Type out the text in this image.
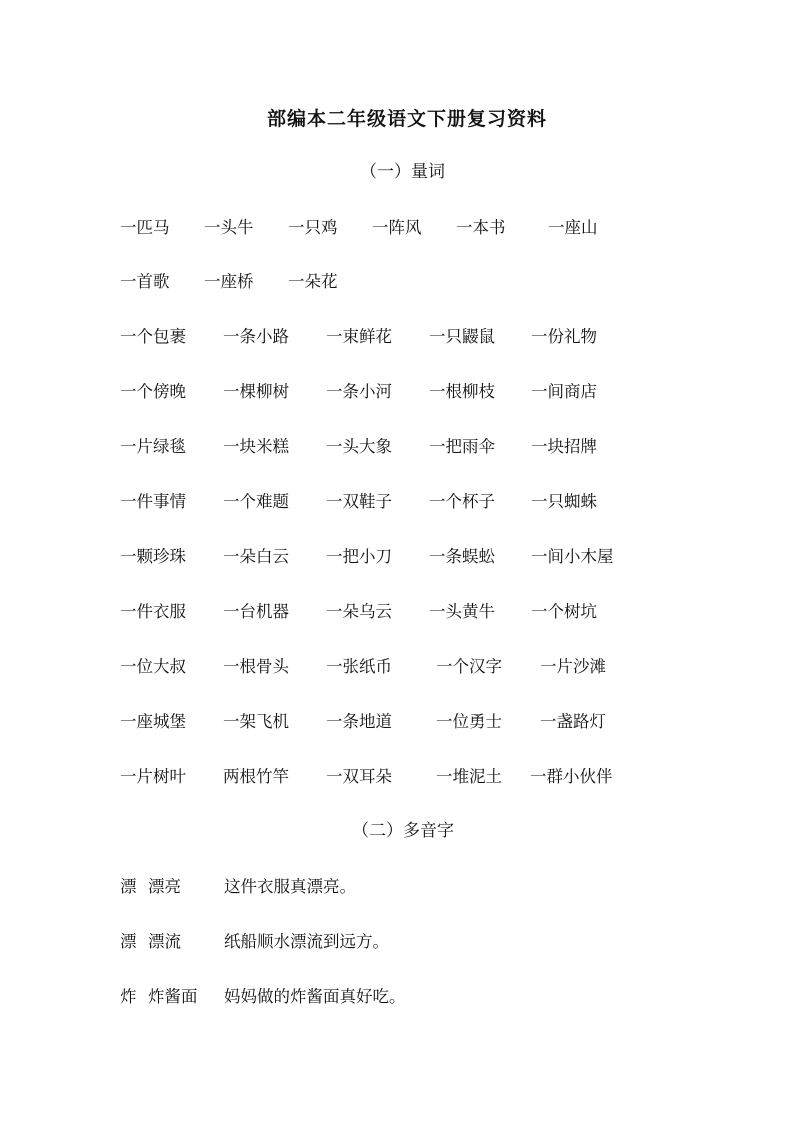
部编本二年级语文下册复习资料
（一）量词
一匹马 一头牛 一只鸡 一阵风 一本书	一座山
一首歌 一座桥 一朵花
一个包裹 一条小路 一束鲜花 一只鼹鼠 一份礼物
一个傍晚 一棵柳树 一条小河 一根柳枝 一间商店
一片绿毯 一块米糕 一头大象 一把雨伞 一块招牌
一件事情 一个难题 一双鞋子 一个杯子 一只蜘蛛
一颗珍珠 一朵白云 一把小刀 一条蜈蚣 一间小木屋
一件衣服 一台机器 一朵乌云 一头黄牛 一个树坑
一位大叔 一根骨头 一张纸币	一个汉字 一片沙滩
一座城堡 一架飞机 一条地道	一位勇士 一盏路灯
一片树叶 两根竹竿 一双耳朵	一堆泥土 一群小伙伴
（二）多音字
漂 漂亮	这件衣服真漂亮。
漂 漂流	纸船顺水漂流到远方。
炸 炸酱面 妈妈做的炸酱面真好吃。
